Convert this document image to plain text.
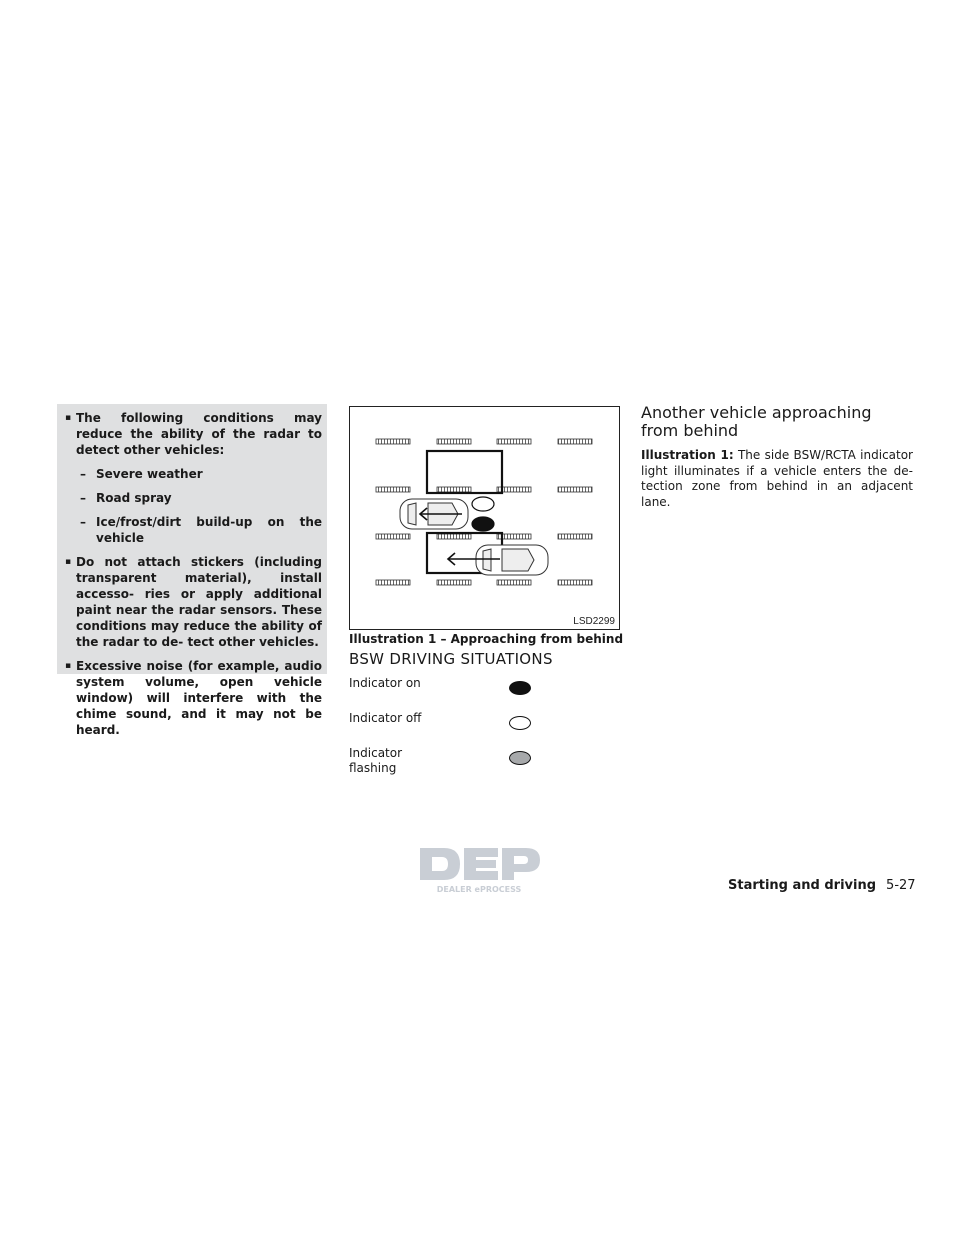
▪ The following conditions may reduce the ability of the radar to detect other vehicles:
– Severe weather
– Road spray
– Ice/frost/dirt build-up on the vehicle
▪ Do not attach stickers (including transparent material), install accesso- ries or apply additional paint near the radar sensors. These conditions may reduce the ability of the radar to de- tect other vehicles.
▪ Excessive noise (for example, audio system volume, open vehicle window) will interfere with the chime sound, and it may not be heard.
LSD2299
Illustration 1 – Approaching from behind
BSW DRIVING SITUATIONS
Indicator on
Indicator off
Indicator flashing
Another vehicle approaching from behind
Illustration 1: The side BSW/RCTA indicator light illuminates if a vehicle enters the de- tection zone from behind in an adjacent lane.
DEALER ePROCESS	Starting and driving 5-27
